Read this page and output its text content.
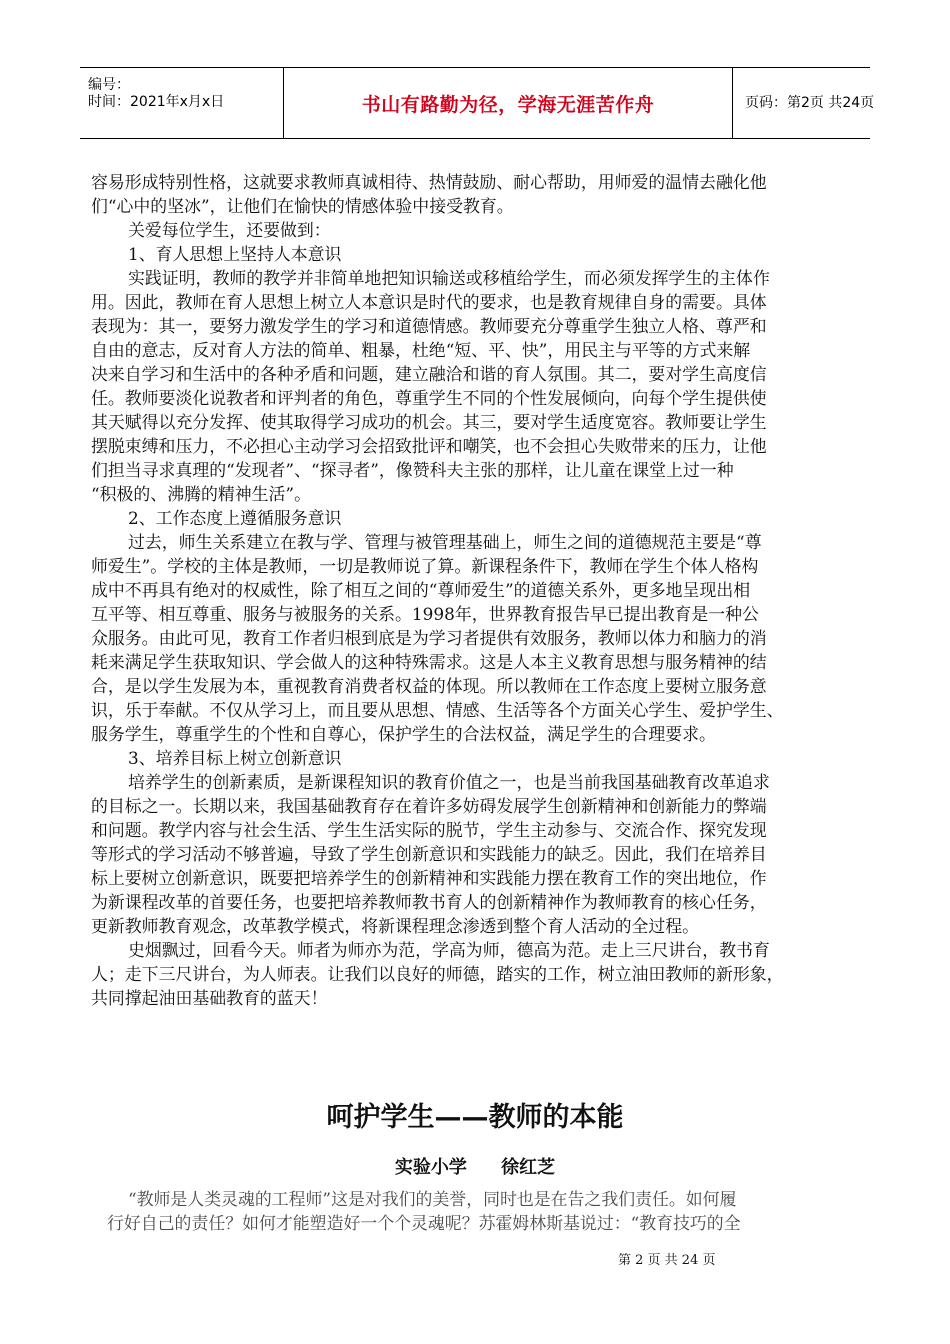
编号：
时间：2021年x月x日	书山有路勤为径，学海无涯苦作舟	页码：第2页 共24页
容易形成特别性格，这就要求教师真诚相待、热情鼓励、耐心帮助，用师爱的温情去融化他
们“心中的坚冰”，让他们在愉快的情感体验中接受教育。
关爱每位学生，还要做到：
1、育人思想上坚持人本意识
实践证明，教师的教学并非简单地把知识输送或移植给学生，而必须发挥学生的主体作
用。因此，教师在育人思想上树立人本意识是时代的要求，也是教育规律自身的需要。具体
表现为：其一，要努力激发学生的学习和道德情感。教师要充分尊重学生独立人格、尊严和
自由的意志，反对育人方法的简单、粗暴，杜绝“短、平、快”，用民主与平等的方式来解
决来自学习和生活中的各种矛盾和问题，建立融洽和谐的育人氛围。其二，要对学生高度信
任。教师要淡化说教者和评判者的角色，尊重学生不同的个性发展倾向，向每个学生提供使
其天赋得以充分发挥、使其取得学习成功的机会。其三，要对学生适度宽容。教师要让学生
摆脱束缚和压力，不必担心主动学习会招致批评和嘲笑，也不会担心失败带来的压力，让他
们担当寻求真理的“发现者”、“探寻者”，像赞科夫主张的那样，让儿童在课堂上过一种
“积极的、沸腾的精神生活”。
2、工作态度上遵循服务意识
过去，师生关系建立在教与学、管理与被管理基础上，师生之间的道德规范主要是“尊
师爱生”。学校的主体是教师，一切是教师说了算。新课程条件下，教师在学生个体人格构
成中不再具有绝对的权威性，除了相互之间的“尊师爱生”的道德关系外，更多地呈现出相
互平等、相互尊重、服务与被服务的关系。1998年，世界教育报告早已提出教育是一种公
众服务。由此可见，教育工作者归根到底是为学习者提供有效服务，教师以体力和脑力的消
耗来满足学生获取知识、学会做人的这种特殊需求。这是人本主义教育思想与服务精神的结
合，是以学生发展为本，重视教育消费者权益的体现。所以教师在工作态度上要树立服务意
识，乐于奉献。不仅从学习上，而且要从思想、情感、生活等各个方面关心学生、爱护学生、
服务学生，尊重学生的个性和自尊心，保护学生的合法权益，满足学生的合理要求。
3、培养目标上树立创新意识
培养学生的创新素质，是新课程知识的教育价值之一，也是当前我国基础教育改革追求
的目标之一。长期以来，我国基础教育存在着许多妨碍发展学生创新精神和创新能力的弊端
和问题。教学内容与社会生活、学生生活实际的脱节，学生主动参与、交流合作、探究发现
等形式的学习活动不够普遍，导致了学生创新意识和实践能力的缺乏。因此，我们在培养目
标上要树立创新意识，既要把培养学生的创新精神和实践能力摆在教育工作的突出地位，作
为新课程改革的首要任务，也要把培养教师教书育人的创新精神作为教师教育的核心任务，
更新教师教育观念，改革教学模式，将新课程理念渗透到整个育人活动的全过程。
史烟飘过，回看今天。师者为师亦为范，学高为师，德高为范。走上三尺讲台，教书育
人；走下三尺讲台，为人师表。让我们以良好的师德，踏实的工作，树立油田教师的新形象，
共同撑起油田基础教育的蓝天！
呵护学生——教师的本能
实验小学 徐红芝
“教师是人类灵魂的工程师”这是对我们的美誉，同时也是在告之我们责任。如何履
行好自己的责任？如何才能塑造好一个个灵魂呢？苏霍姆林斯基说过：“教育技巧的全
第 2 页 共 24 页
